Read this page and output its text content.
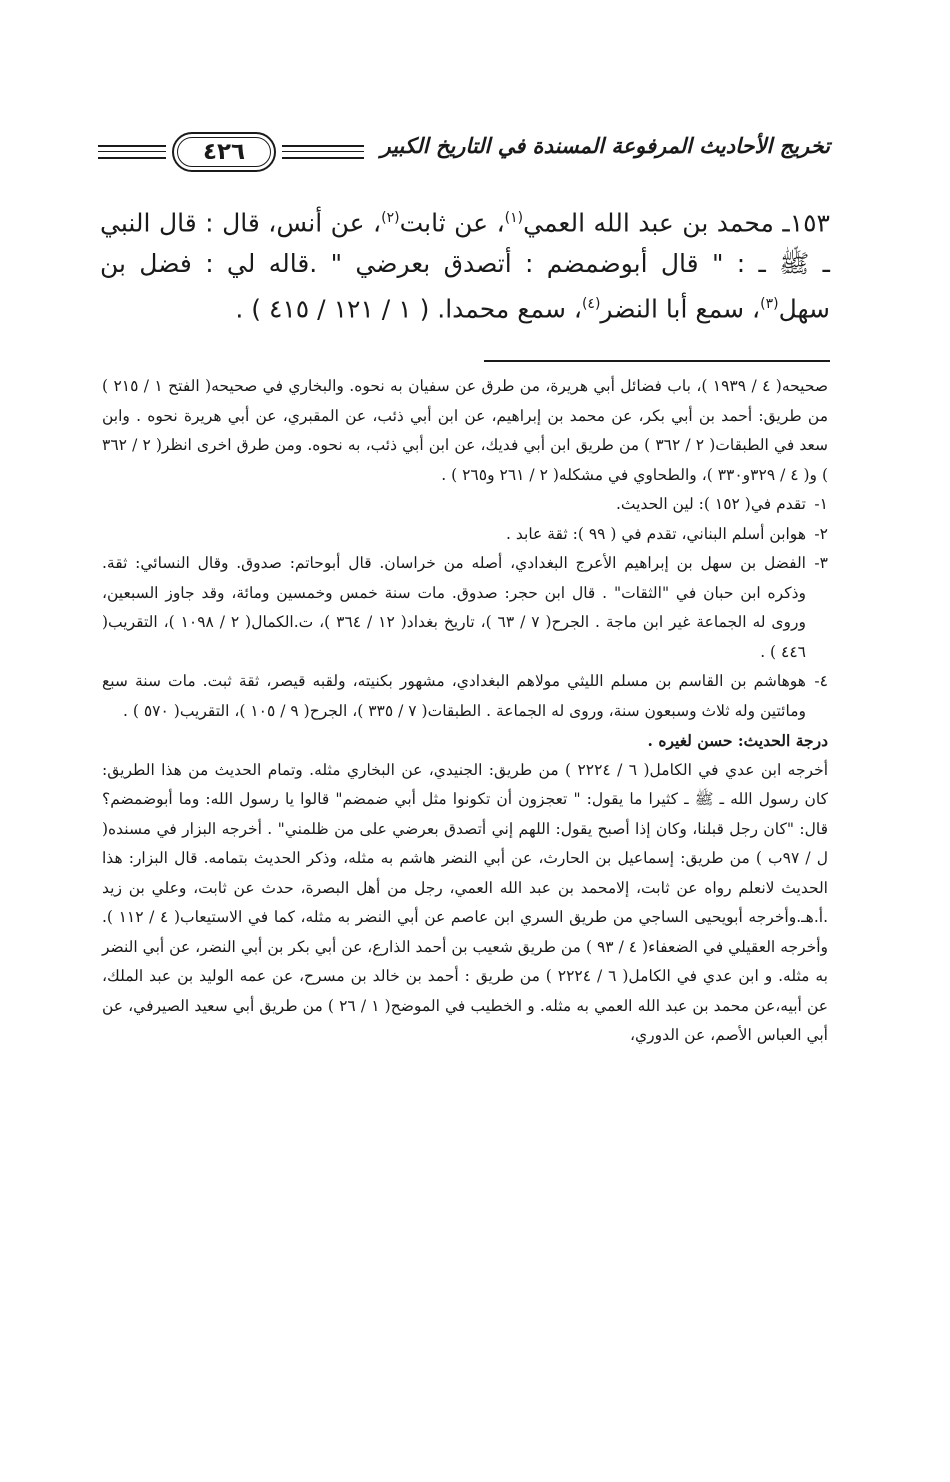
٤٢٦	تخريج الأحاديث المرفوعة المسندة في التاريخ الكبير

١٥٣ـ محمد بن عبد الله العمي$^{(١)}$، عن ثابت$^{(٢)}$، عن أنس، قال : قال النبي ـ ﷺ ـ : " قال أبوضمضم : أتصدق بعرضي " .قاله لي : فضل بن سهل$^{(٣)}$، سمع أبا النضر$^{(٤)}$، سمع محمدا. ( ١ / ١٢١ / ٤١٥ ) .

صحيحه( ٤ / ١٩٣٩ )، باب فضائل أبي هريرة، من طرق عن سفيان به نحوه. والبخاري في صحيحه( الفتح ١ / ٢١٥ ) من طريق: أحمد بن أبي بكر، عن محمد بن إبراهيم، عن ابن أبي ذئب، عن المقبري، عن أبي هريرة نحوه . وابن سعد في الطبقات( ٢ / ٣٦٢ ) من طريق ابن أبي فديك، عن ابن أبي ذئب، به نحوه. ومن طرق اخرى انظر( ٢ / ٣٦٢ ) و( ٤ / ٣٢٩و٣٣٠ )، والطحاوي في مشكله( ٢ / ٢٦١ و٢٦٥ ) .

١-
تقدم في( ١٥٢ ): لين الحديث.

٢-
هوابن أسلم البناني، تقدم في ( ٩٩ ): ثقة عابد .

٣-
الفضل بن سهل بن إبراهيم الأعرج البغدادي، أصله من خراسان. قال أبوحاتم: صدوق. وقال النسائي: ثقة. وذكره ابن حبان في "الثقات" . قال ابن حجر: صدوق. مات سنة خمس وخمسين ومائة، وقد جاوز السبعين، وروى له الجماعة غير ابن ماجة . الجرح( ٧ / ٦٣ )، تاريخ بغداد( ١٢ / ٣٦٤ )، ت.الكمال( ٢ / ١٠٩٨ )، التقريب( ٤٤٦ ) .

٤-
هوهاشم بن القاسم بن مسلم الليثي مولاهم البغدادي، مشهور بكنيته، ولقبه قيصر، ثقة ثبت. مات سنة سبع ومائتين وله ثلاث وسبعون سنة، وروى له الجماعة . الطبقات( ٧ / ٣٣٥ )، الجرح( ٩ / ١٠٥ )، التقريب( ٥٧٠ ) .

درجة الحديث: حسن لغيره .

أخرجه ابن عدي في الكامل( ٦ / ٢٢٢٤ ) من طريق: الجنيدي، عن البخاري مثله. وتمام الحديث من هذا الطريق: كان رسول الله ـ ﷺ ـ كثيرا ما يقول: " تعجزون أن تكونوا مثل أبي ضمضم" قالوا يا رسول الله: وما أبوضمضم؟ قال: "كان رجل قبلنا، وكان إذا أصبح يقول: اللهم إني أتصدق بعرضي على من ظلمني" . أخرجه البزار في مسنده( ل / ٩٧ب ) من طريق: إسماعيل بن الحارث، عن أبي النضر هاشم به مثله، وذكر الحديث بتمامه. قال البزار: هذا الحديث لانعلم رواه عن ثابت، إلامحمد بن عبد الله العمي، رجل من أهل البصرة، حدث عن ثابت، وعلي بن زيد .أ.هـ.وأخرجه أبويحيى الساجي من طريق السري ابن عاصم عن أبي النضر به مثله، كما في الاستيعاب( ٤ / ١١٢ ). وأخرجه العقيلي في الضعفاء( ٤ / ٩٣ ) من طريق شعيب بن أحمد الذارع، عن أبي بكر بن أبي النضر، عن أبي النضر به مثله. و ابن عدي في الكامل( ٦ / ٢٢٢٤ ) من طريق : أحمد بن خالد بن مسرح، عن عمه الوليد بن عبد الملك، عن أبيه،عن محمد بن عبد الله العمي به مثله. و الخطيب في الموضح( ١ / ٢٦ ) من طريق أبي سعيد الصيرفي، عن أبي العباس الأصم، عن الدوري،
